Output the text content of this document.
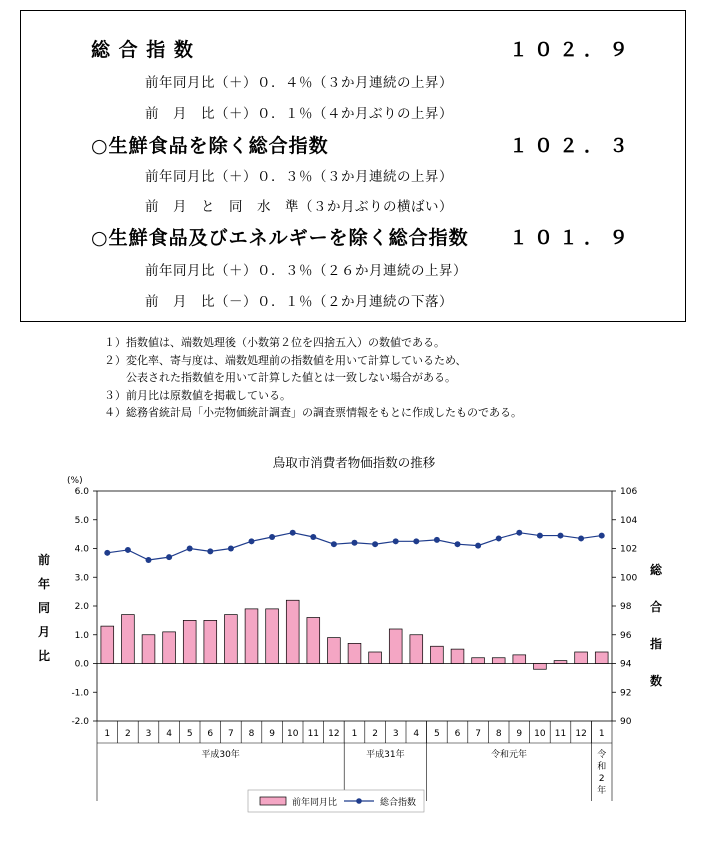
総 合 指 数	１０２．９
前年同月比（＋）０．４％（３か月連続の上昇）
前　月　比（＋）０．１％（４か月ぶりの上昇）
○生鮮食品を除く総合指数	１０２．３
前年同月比（＋）０．３％（３か月連続の上昇）
前　月　と　同　水　準（３か月ぶりの横ばい）
○生鮮食品及びエネルギーを除く総合指数 １０１．９
前年同月比（＋）０．３％（２６か月連続の上昇）
前　月　比（－）０．１％（２か月連続の下落）
１）指数値は、端数処理後（小数第２位を四捨五入）の数値である。
２）変化率、寄与度は、端数処理前の指数値を用いて計算しているため、
　　公表された指数値を用いて計算した値とは一致しない場合がある。
３）前月比は原数値を掲載している。
４）総務省統計局「小売物価統計調査」の調査票情報をもとに作成したものである。
鳥取市消費者物価指数の推移
前
年
同
月
比
総
合
指
数
6.0
5.0
4.0
3.0
2.0
1.0
0.0
-1.0
-2.0
106
104
102
100
98
96
94
92
90
(%)
1 2 3 4 5 6 7 8 9 10 11 12 1 2 3 4 5 6 7 8 9 10 11 12 1
平成30年	平成31年	令和元年	令
和
2
年
前年同月比	総合指数
